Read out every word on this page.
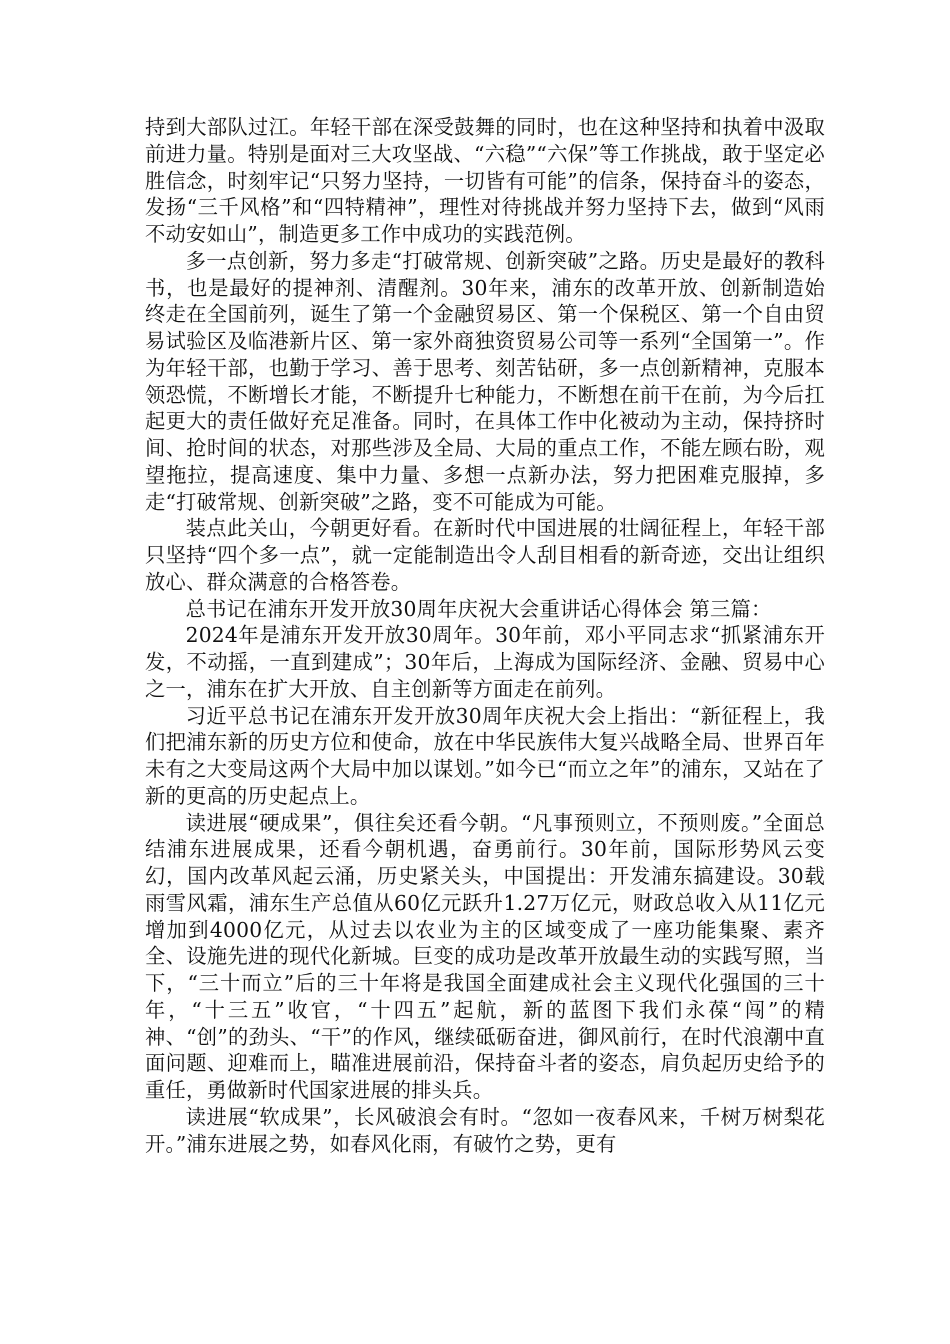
持到大部队过江。年轻干部在深受鼓舞的同时，也在这种坚持和执着中汲取前进力量。特别是面对三大攻坚战、“六稳”“六保”等工作挑战，敢于坚定必胜信念，时刻牢记“只努力坚持，一切皆有可能”的信条，保持奋斗的姿态，发扬“三千风格”和“四特精神”，理性对待挑战并努力坚持下去，做到“风雨不动安如山”，制造更多工作中成功的实践范例。

多一点创新，努力多走“打破常规、创新突破”之路。历史是最好的教科书，也是最好的提神剂、清醒剂。30年来，浦东的改革开放、创新制造始终走在全国前列，诞生了第一个金融贸易区、第一个保税区、第一个自由贸易试验区及临港新片区、第一家外商独资贸易公司等一系列“全国第一”。作为年轻干部，也勤于学习、善于思考、刻苦钻研，多一点创新精神，克服本领恐慌，不断增长才能，不断提升七种能力，不断想在前干在前，为今后扛起更大的责任做好充足准备。同时，在具体工作中化被动为主动，保持挤时间、抢时间的状态，对那些涉及全局、大局的重点工作，不能左顾右盼，观望拖拉，提高速度、集中力量、多想一点新办法，努力把困难克服掉，多走“打破常规、创新突破”之路，变不可能成为可能。

装点此关山，今朝更好看。在新时代中国进展的壮阔征程上，年轻干部只坚持“四个多一点”，就一定能制造出令人刮目相看的新奇迹，交出让组织放心、群众满意的合格答卷。

总书记在浦东开发开放30周年庆祝大会重讲话心得体会 第三篇：

2024年是浦东开发开放30周年。30年前，邓小平同志求“抓紧浦东开发，不动摇，一直到建成”；30年后，上海成为国际经济、金融、贸易中心之一，浦东在扩大开放、自主创新等方面走在前列。

习近平总书记在浦东开发开放30周年庆祝大会上指出：“新征程上，我们把浦东新的历史方位和使命，放在中华民族伟大复兴战略全局、世界百年未有之大变局这两个大局中加以谋划。”如今已“而立之年”的浦东，又站在了新的更高的历史起点上。

读进展“硬成果”，俱往矣还看今朝。“凡事预则立，不预则废。”全面总结浦东进展成果，还看今朝机遇，奋勇前行。30年前，国际形势风云变幻，国内改革风起云涌，历史紧关头，中国提出：开发浦东搞建设。30载雨雪风霜，浦东生产总值从60亿元跃升1.27万亿元，财政总收入从11亿元增加到4000亿元，从过去以农业为主的区域变成了一座功能集聚、素齐全、设施先进的现代化新城。巨变的成功是改革开放最生动的实践写照，当下，“三十而立”后的三十年将是我国全面建成社会主义现代化强国的三十年，“十三五”收官，“十四五”起航，新的蓝图下我们永葆“闯”的精神、“创”的劲头、“干”的作风，继续砥砺奋进，御风前行，在时代浪潮中直面问题、迎难而上，瞄准进展前沿，保持奋斗者的姿态，肩负起历史给予的重任，勇做新时代国家进展的排头兵。

读进展“软成果”，长风破浪会有时。“忽如一夜春风来，千树万树梨花开。”浦东进展之势，如春风化雨，有破竹之势，更有
